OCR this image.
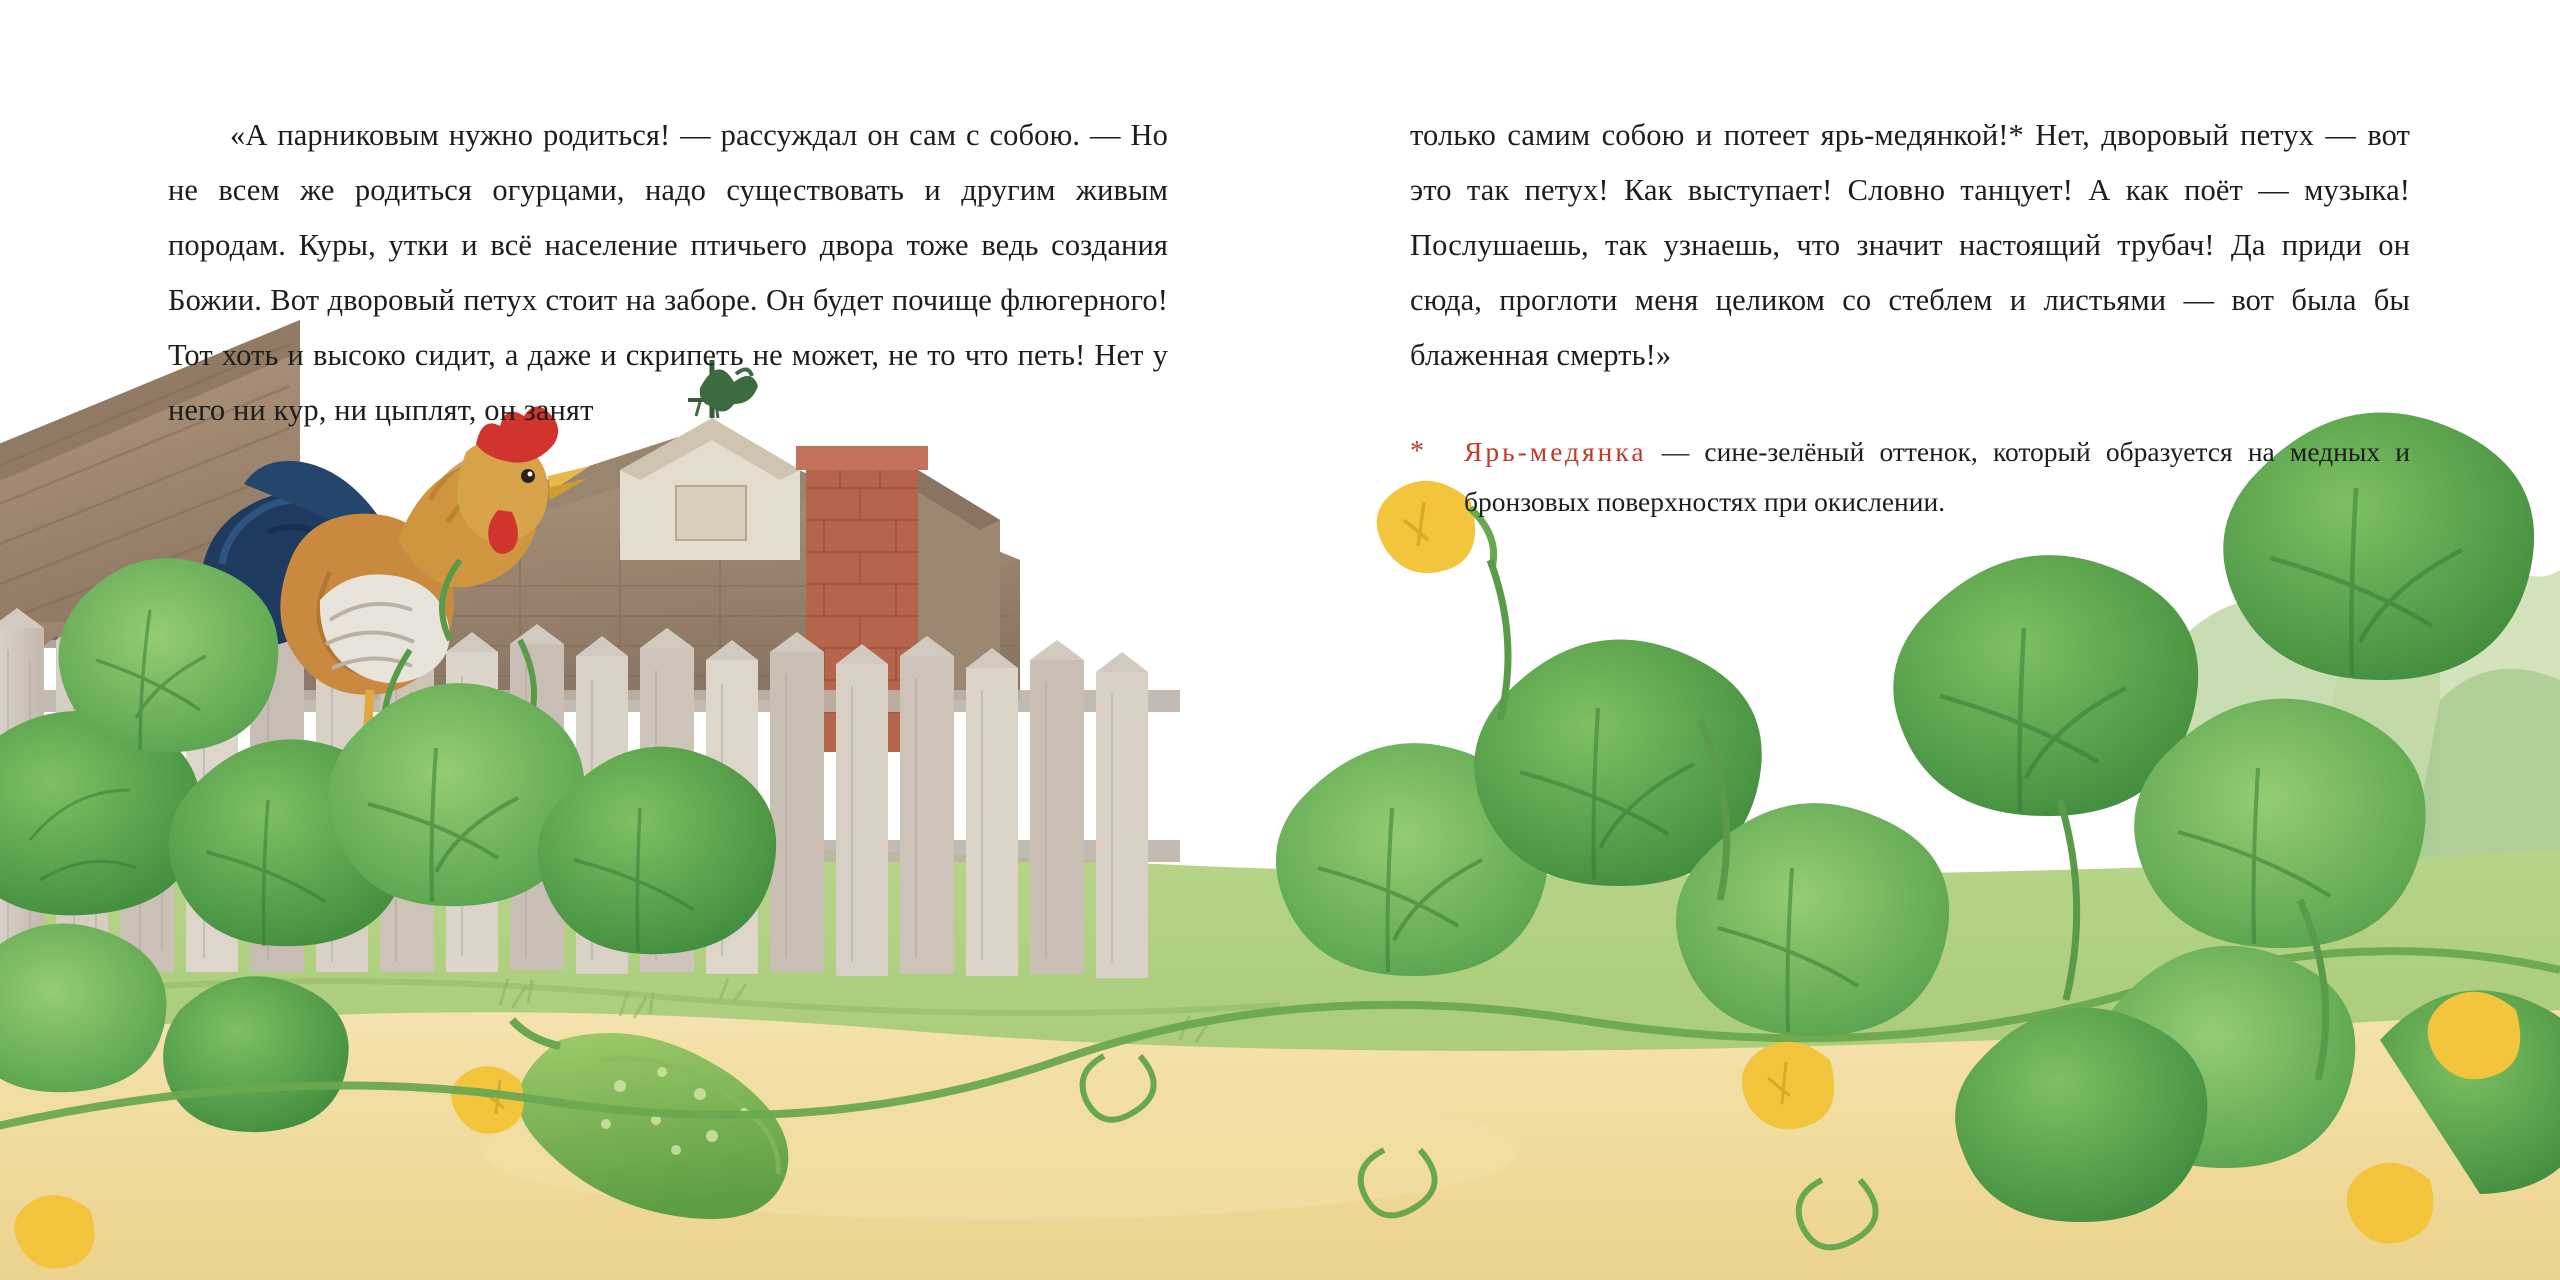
«А парниковым нужно родиться! — рассуждал он сам с собою. — Но не всем же родиться огурцами, надо существовать и другим живым породам. Куры, утки и всё население птичьего двора тоже ведь создания Божии. Вот дворовый петух стоит на заборе. Он будет почище флюгерного! Тот хоть и высоко сидит, а даже и скрипеть не может, не то что петь! Нет у него ни кур, ни цыплят, он занят

только самим собою и потеет ярь-медянкой!* Нет, дворовый петух — вот это так петух! Как выступает! Словно танцует! А как поёт — музыка! Послушаешь, так узнаешь, что значит настоящий трубач! Да приди он сюда, проглоти меня целиком со стеблем и листьями — вот была бы блаженная смерть!»

*	Ярь-медянка — сине-зелёный оттенок, который образуется на медных и бронзовых поверхностях при окислении.
